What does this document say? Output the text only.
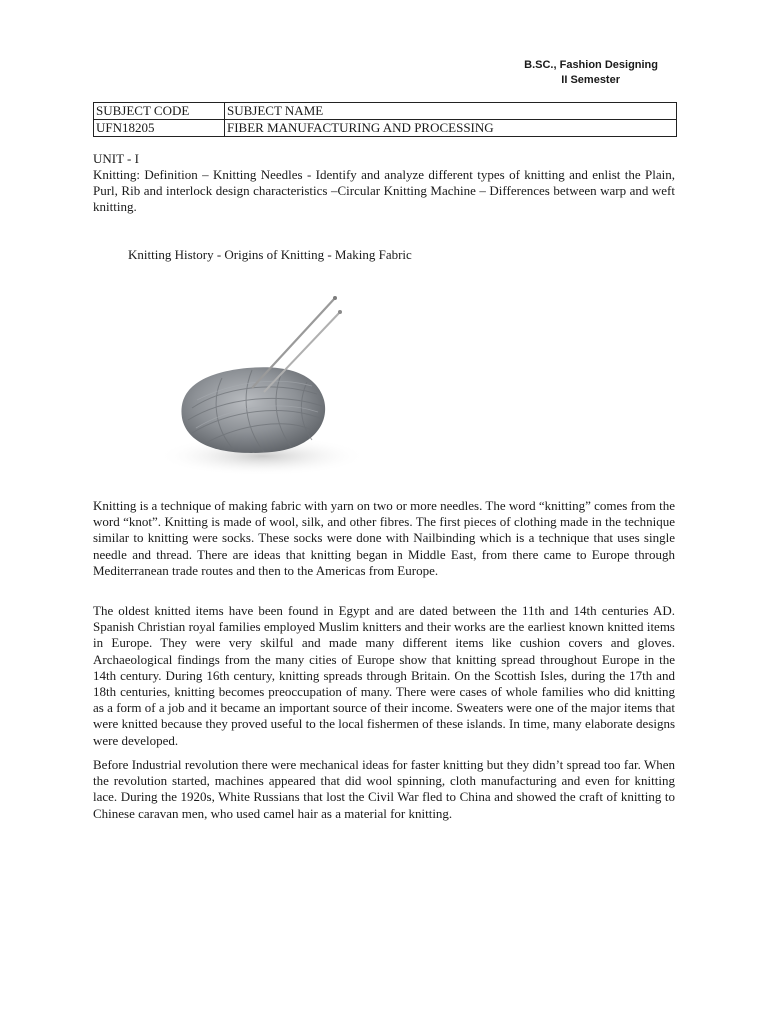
B.SC., Fashion Designing
II Semester
SUBJECT CODE	SUBJECT NAME
UFN18205	FIBER MANUFACTURING AND PROCESSING
UNIT - I
Knitting: Definition – Knitting Needles - Identify and analyze different types of knitting and enlist the Plain, Purl, Rib and interlock design characteristics –Circular Knitting Machine – Differences between warp and weft knitting.
Knitting History - Origins of Knitting - Making Fabric

Knitting is a technique of making fabric with yarn on two or more needles. The word “knitting” comes from the word “knot”. Knitting is made of wool, silk, and other fibres. The first pieces of clothing made in the technique similar to knitting were socks. These socks were done with Nailbinding which is a technique that uses single needle and thread. There are ideas that knitting began in Middle East, from there came to Europe through Mediterranean trade routes and then to the Americas from Europe.

The oldest knitted items have been found in Egypt and are dated between the 11th and 14th centuries AD. Spanish Christian royal families employed Muslim knitters and their works are the earliest known knitted items in Europe. They were very skilful and made many different items like cushion covers and gloves. Archaeological findings from the many cities of Europe show that knitting spread throughout Europe in the 14th century. During 16th century, knitting spreads through Britain. On the Scottish Isles, during the 17th and 18th centuries, knitting becomes preoccupation of many. There were cases of whole families who did knitting as a form of a job and it became an important source of their income. Sweaters were one of the major items that were knitted because they proved useful to the local fishermen of these islands. In time, many elaborate designs were developed.

Before Industrial revolution there were mechanical ideas for faster knitting but they didn’t spread too far. When the revolution started, machines appeared that did wool spinning, cloth manufacturing and even for knitting lace. During the 1920s, White Russians that lost the Civil War fled to China and showed the craft of knitting to Chinese caravan men, who used camel hair as a material for knitting.
